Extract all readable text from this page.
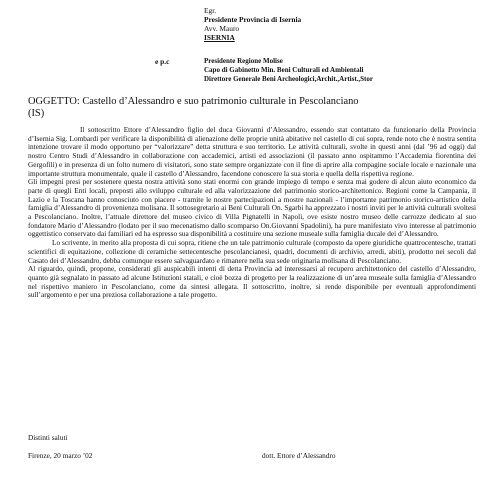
Egr.
Presidente Provincia di Isernia
Avv. Mauro
ISERNIA
e p.c	Presidente Regione Molise
Capo di Gabinetto Min. Beni Culturali ed Ambientali
Direttore Generale Beni Archeologici,Archit.,Artist.,Stor
OGGETTO: Castello d’Alessandro e suo patrimonio culturale in Pescolanciano
(IS)

Il sottoscritto Ettore d’Alessandro figlio del duca Giovanni d’Alessandro, essendo stat contattato da funzionario della Provincia d’Isernia Sig. Lombardi per verificare la disponibilità di alienazione delle proprie unità abitative nel castello di cui sopra, rende noto che è nostra sentita intenzione trovare il modo opportuno per “valorizzare” detta struttura e suo territorio. Le attività culturali, svolte in questi anni (dal ’96 ad oggi) dal nostro Centro Studi d’Alessandro in collaborazione con accademici, artisti ed associazioni (il passato anno ospitammo l’Accademia fiorentina dei Gergofili) e in presenza di un folto numero di visitatori, sono state sempre organizzate con il fine di aprire alla compagine sociale locale e nazionale una importante struttura monumentale, quale il castello d’Alessandro, facendone conoscere la sua storia e quella della rispettiva regione.

Gli impegni presi per sostenere questa nostra attività sono stati enormi con grande impiego di tempo e senza mai godere di alcun aiuto economico da parte di quegli Enti locali, preposti allo sviluppo culturale ed alla valorizzazione del patrimonio storico-architettonico. Regioni come la Campania, il Lazio e la Toscana hanno conosciuto con piacere - tramite le nostre partecipazioni a mostre nazionali - l’importante patrimonio storico-artistico della famiglia d’Alessandro di provenienza molisana. Il sottosegretario ai Beni Culturali On. Sgarbi ha apprezzato i nostri inviti per le attività culturali svoltesi a Pescolanciano. Inoltre, l’attuale direttore del museo civico di Villa Pignatelli in Napoli, ove esiste nostro museo delle carrozze dedicato al suo fondatore Mario d’Alessandro (lodato per il suo mecenatismo dallo scomparso On.Giovanni Spadolini), ha pure manifestato vivo interesse al patrimonio oggettistico conservato dai familiari ed ha espresso sua disponibilità a costituire una sezione museale sulla famiglia ducale dei d’Alessandro.

Lo scrivente, in merito alla proposta di cui sopra, ritiene che un tale patrimonio culturale (composto da opere giuridiche quattrocentesche, trattati scientifici di equitazione, collezione di ceramiche settecentesche pescolancianesi, quadri, documenti di archivio, arredi, abiti), prodotto nei secoli dal Casato dei d’Alessandro, debba comunque essere salvaguardato e rimanere nella sua sede originaria molisana di Pescolanciano.

Al riguardo, quindi, propone, considerati gli auspicabili intenti di detta Provincia ad interessarsi al recupero architettonico del castello d’Alessandro, quanto già segnalato in passato ad alcune Istituzioni statali, e cioè bozza di progetto per la realizzazione di un’area museale sulla famiglia d’Alessandro nel rispettivo maniero in Pescolanciano, come da sintesi allegata. Il sottoscritto, inoltre, si rende disponibile per eventuali approfondimenti sull’argomento e per una preziosa collaborazione a tale progetto.

Distinti saluti
Firenze, 20 marzo ’02	dott. Ettore d’Alessandro
